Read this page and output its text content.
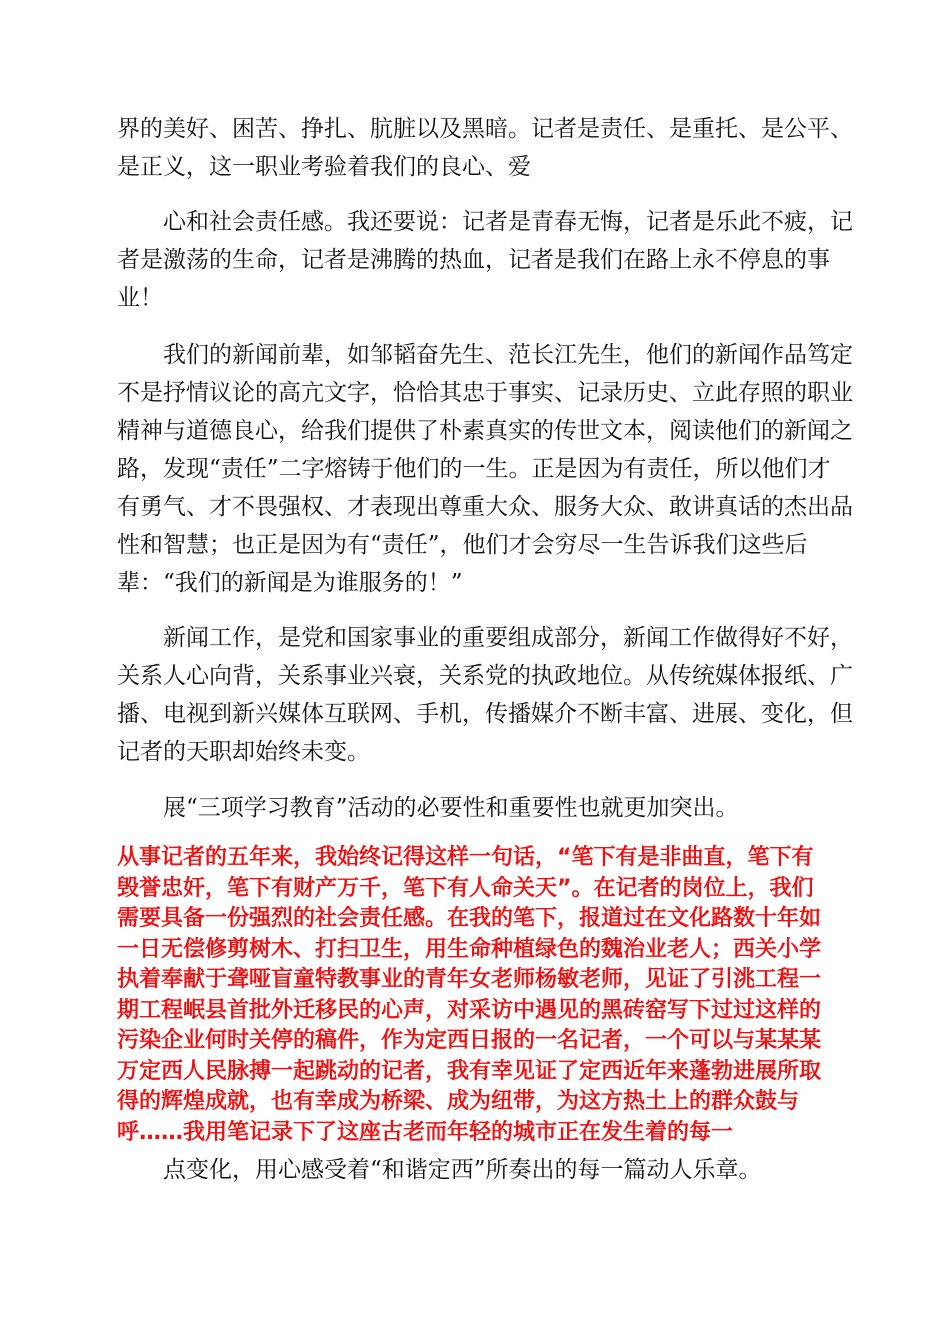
界的美好、困苦、挣扎、肮脏以及黑暗。记者是责任、是重托、是公平、
是正义，这一职业考验着我们的良心、爱

心和社会责任感。我还要说：记者是青春无悔，记者是乐此不疲，记
者是激荡的生命，记者是沸腾的热血，记者是我们在路上永不停息的事
业！

我们的新闻前辈，如邹韬奋先生、范长江先生，他们的新闻作品笃定
不是抒情议论的高亢文字，恰恰其忠于事实、记录历史、立此存照的职业
精神与道德良心，给我们提供了朴素真实的传世文本，阅读他们的新闻之
路，发现“责任”二字熔铸于他们的一生。正是因为有责任，所以他们才
有勇气、才不畏强权、才表现出尊重大众、服务大众、敢讲真话的杰出品
性和智慧；也正是因为有“责任”，他们才会穷尽一生告诉我们这些后
辈：“我们的新闻是为谁服务的！”

新闻工作，是党和国家事业的重要组成部分，新闻工作做得好不好，
关系人心向背，关系事业兴衰，关系党的执政地位。从传统媒体报纸、广
播、电视到新兴媒体互联网、手机，传播媒介不断丰富、进展、变化，但
记者的天职却始终未变。

展“三项学习教育”活动的必要性和重要性也就更加突出。

从事记者的五年来，我始终记得这样一句话，“笔下有是非曲直，笔下有
毁誉忠奸，笔下有财产万千，笔下有人命关天”。在记者的岗位上，我们
需要具备一份强烈的社会责任感。在我的笔下，报道过在文化路数十年如
一日无偿修剪树木、打扫卫生，用生命种植绿色的魏治业老人；西关小学
执着奉献于聋哑盲童特教事业的青年女老师杨敏老师，见证了引洮工程一
期工程岷县首批外迁移民的心声，对采访中遇见的黑砖窑写下过过这样的
污染企业何时关停的稿件，作为定西日报的一名记者，一个可以与某某某
万定西人民脉搏一起跳动的记者，我有幸见证了定西近年来蓬勃进展所取
得的辉煌成就，也有幸成为桥梁、成为纽带，为这方热土上的群众鼓与
呼……我用笔记录下了这座古老而年轻的城市正在发生着的每一

点变化，用心感受着“和谐定西”所奏出的每一篇动人乐章。
